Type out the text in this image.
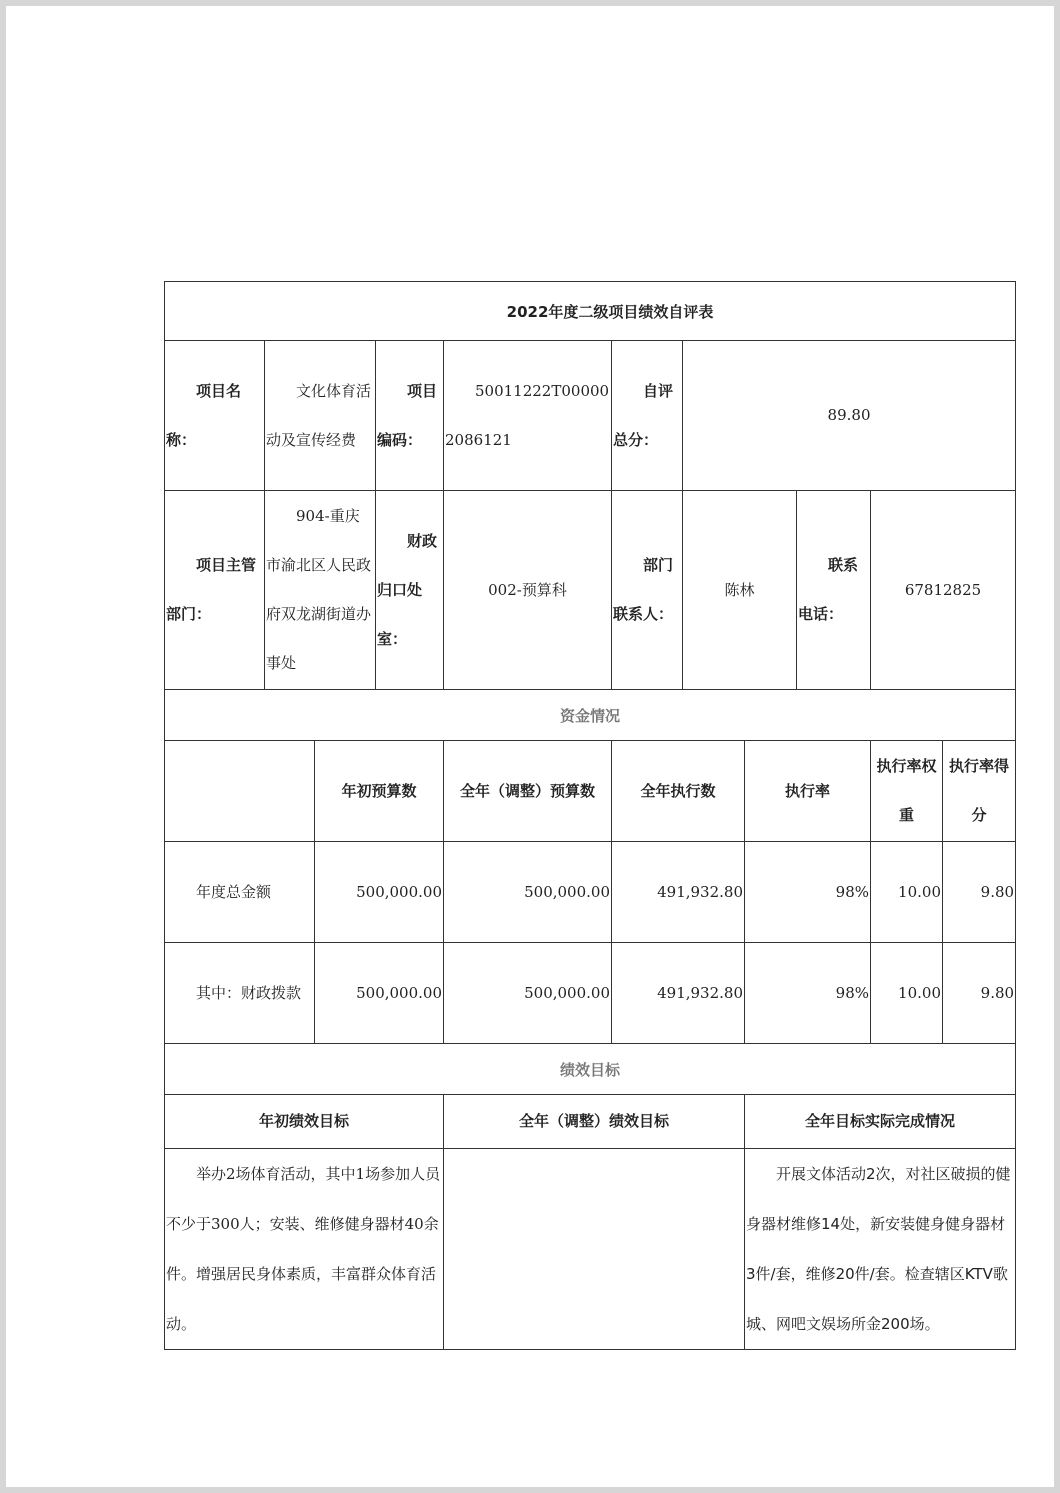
2022年度二级项目绩效自评表										
项目名称：	文化体育活动及宣传经费		项目编码：	50011222T000002086121	自评总分：	89.80				
项目主管部门：	904-重庆市渝北区人民政府双龙湖街道办事处		财政归口处室：	002-预算科	部门联系人：	陈林		联系电话：	67812825	
资金情况										
		年初预算数		全年（调整）预算数	全年执行数		执行率		执行率权重	执行率得分
年度总金额		500,000.00		500,000.00	491,932.80		98%		10.00	9.80
其中：财政拨款		500,000.00		500,000.00	491,932.80		98%		10.00	9.80
绩效目标										
年初绩效目标				全年（调整）绩效目标			全年目标实际完成情况			
举办2场体育活动，其中1场参加人员不少于300人；安装、维修健身器材40余件。增强居民身体素质，丰富群众体育活动。							开展文体活动2次，对社区破损的健身器材维修14处，新安装健身健身器材3件/套，维修20件/套。检查辖区KTV歌城、网吧文娱场所金200场。			
